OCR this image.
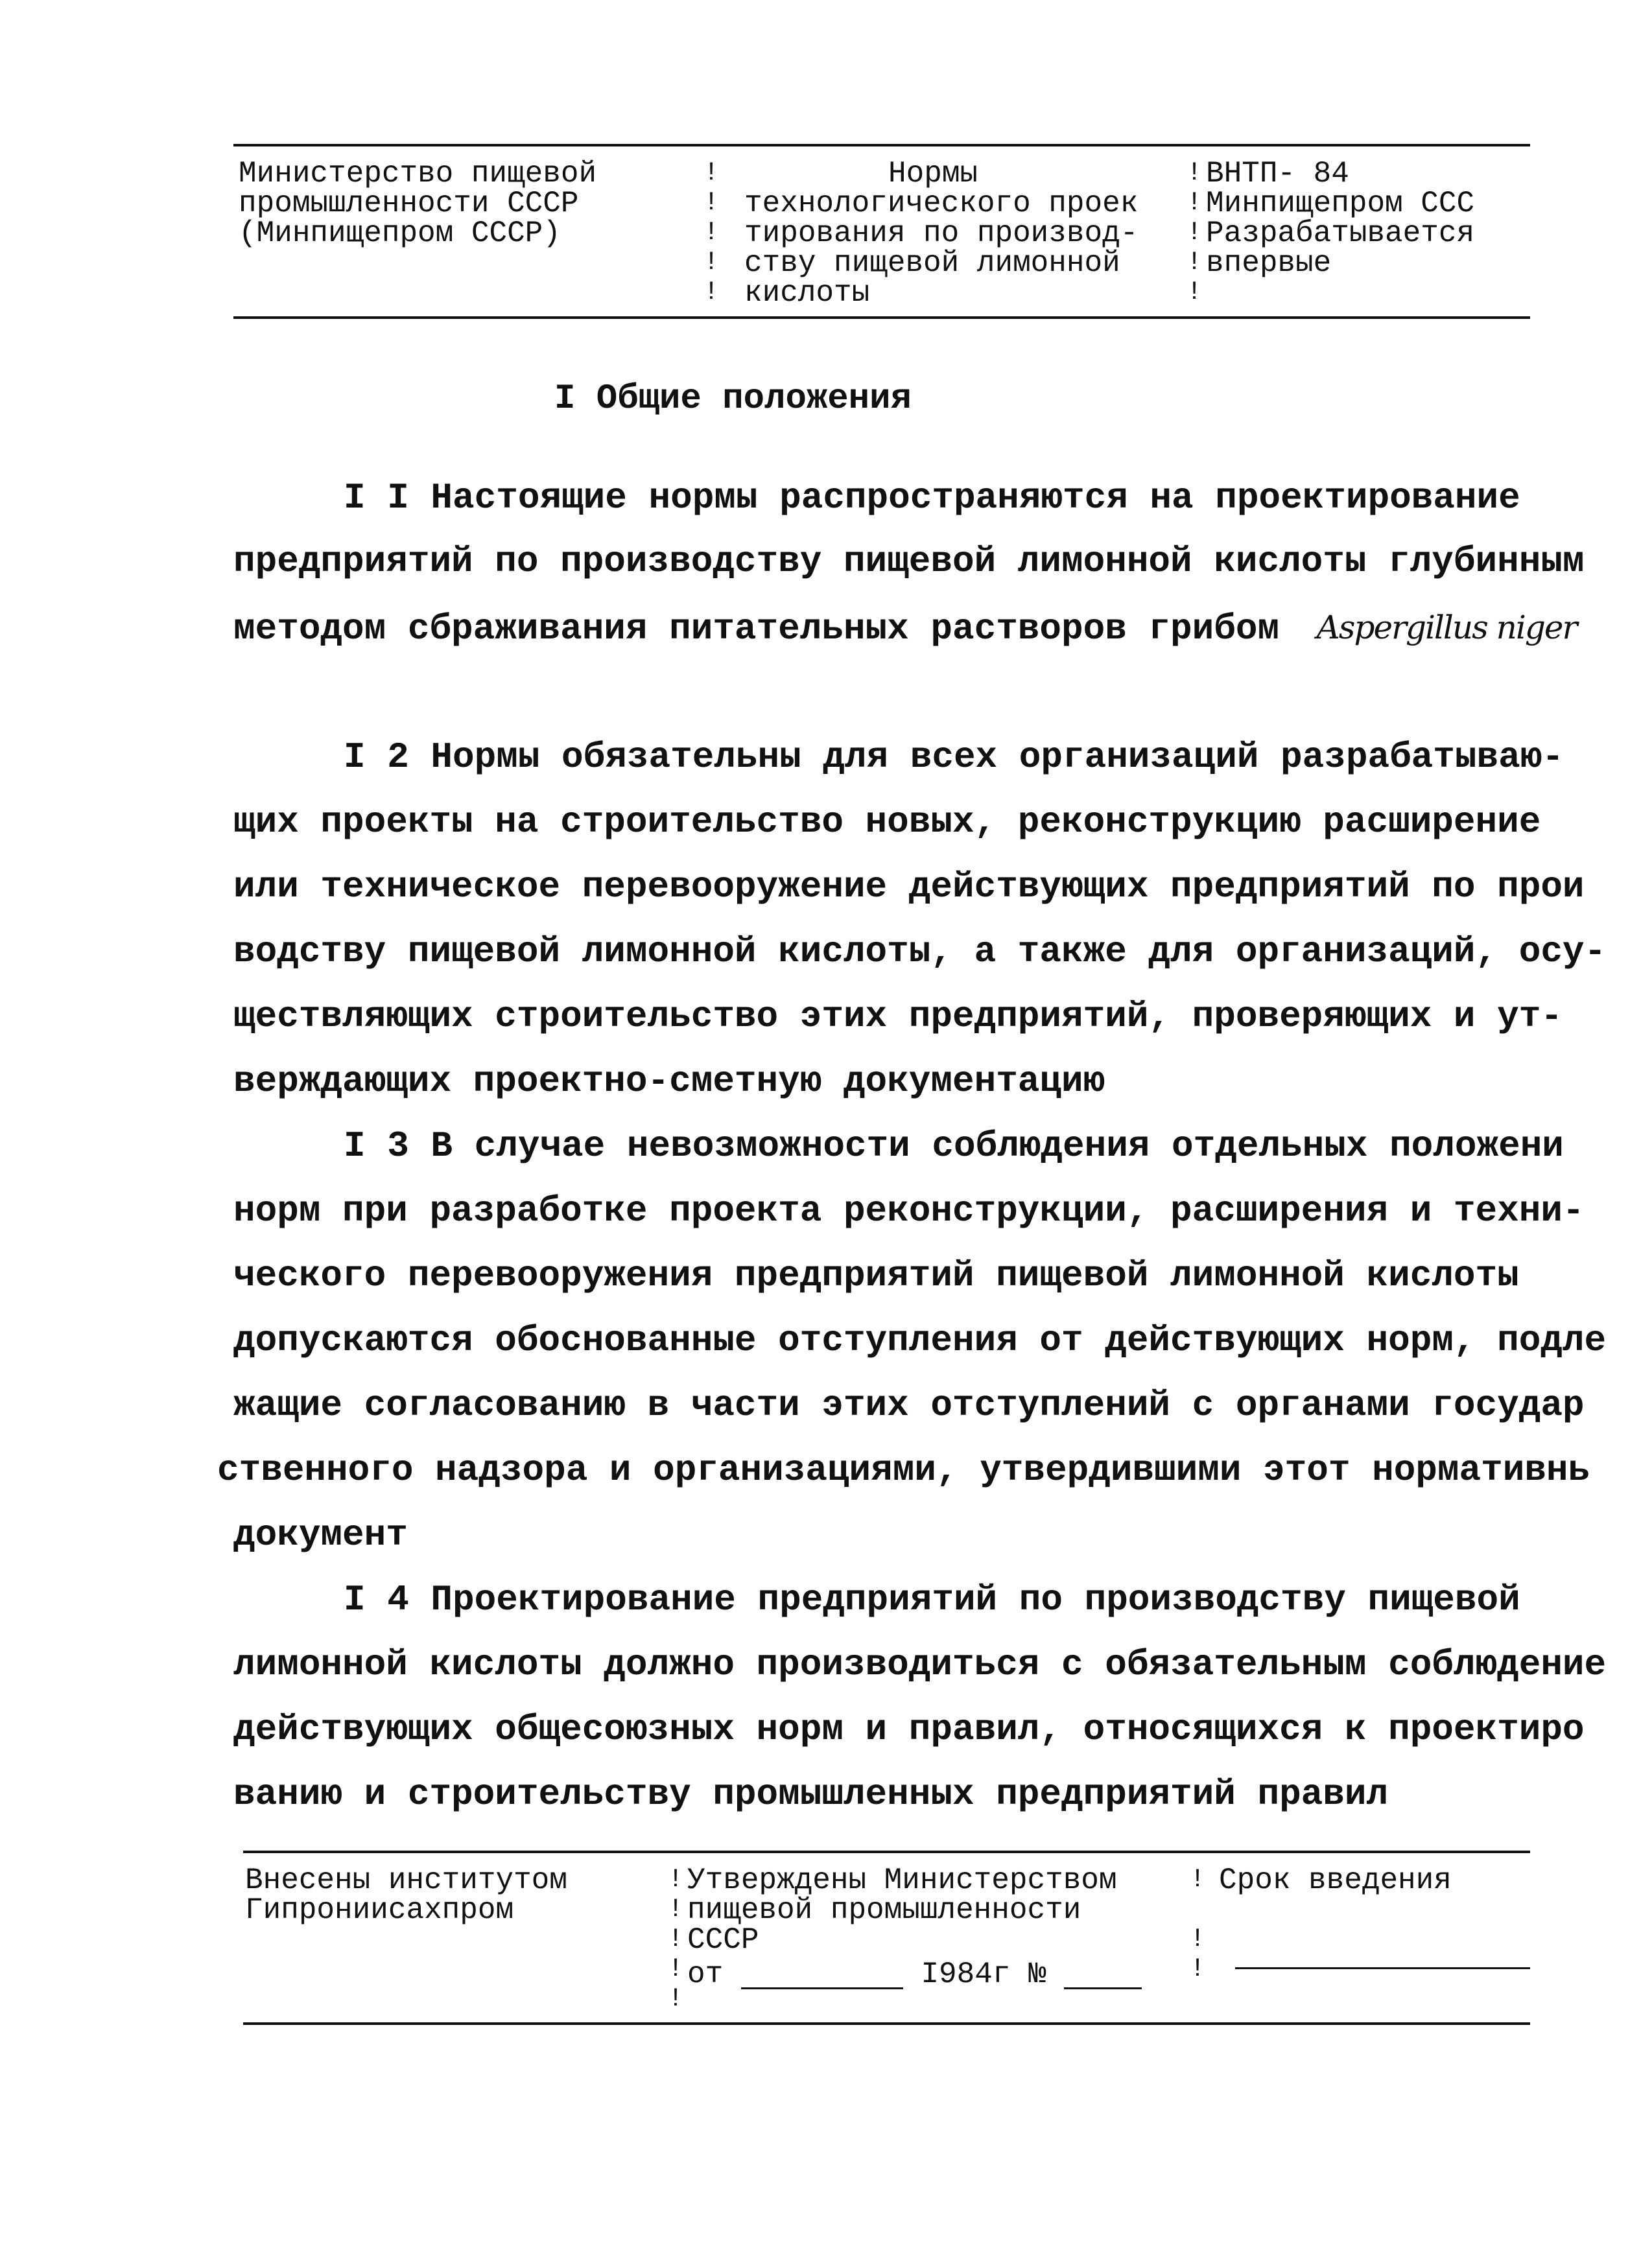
Министерство пищевой
промышленности СССР
(Минпищепром СССР)
!
!
!
!
!
Нормы
технологического проек
тирования по производ-
ству пищевой лимонной
кислоты
!
!
!
!
!
ВНТП- 84
Минпищепром ССС
Разрабатывается
впервые
I Общие положения
I I Настоящие нормы распространяются на проектирование
предприятий по производству пищевой лимонной кислоты глубинным
методом сбраживания питательных растворов грибом Aspergillus niger
I 2 Нормы обязательны для всех организаций разрабатываю-
щих проекты на строительство новых, реконструкцию расширение
или техническое перевооружение действующих предприятий по прои
водству пищевой лимонной кислоты, а также для организаций, осу-
ществляющих строительство этих предприятий, проверяющих и ут-
верждающих проектно-сметную документацию
I 3 В случае невозможности соблюдения отдельных положени
норм при разработке проекта реконструкции, расширения и техни-
ческого перевооружения предприятий пищевой лимонной кислоты
допускаются обоснованные отступления от действующих норм, подле
жащие согласованию в части этих отступлений с органами государ
ственного надзора и организациями, утвердившими этот нормативнь
документ
I 4 Проектирование предприятий по производству пищевой
лимонной кислоты должно производиться с обязательным соблюдение
действующих общесоюзных норм и правил, относящихся к проектиро
ванию и строительству промышленных предприятий правил
Внесены институтом
Гипрониисахпром
!
!
!
!
!
Утверждены Министерством
пищевой промышленности
СССР
от	I984г №
!

!
!
Срок введения
